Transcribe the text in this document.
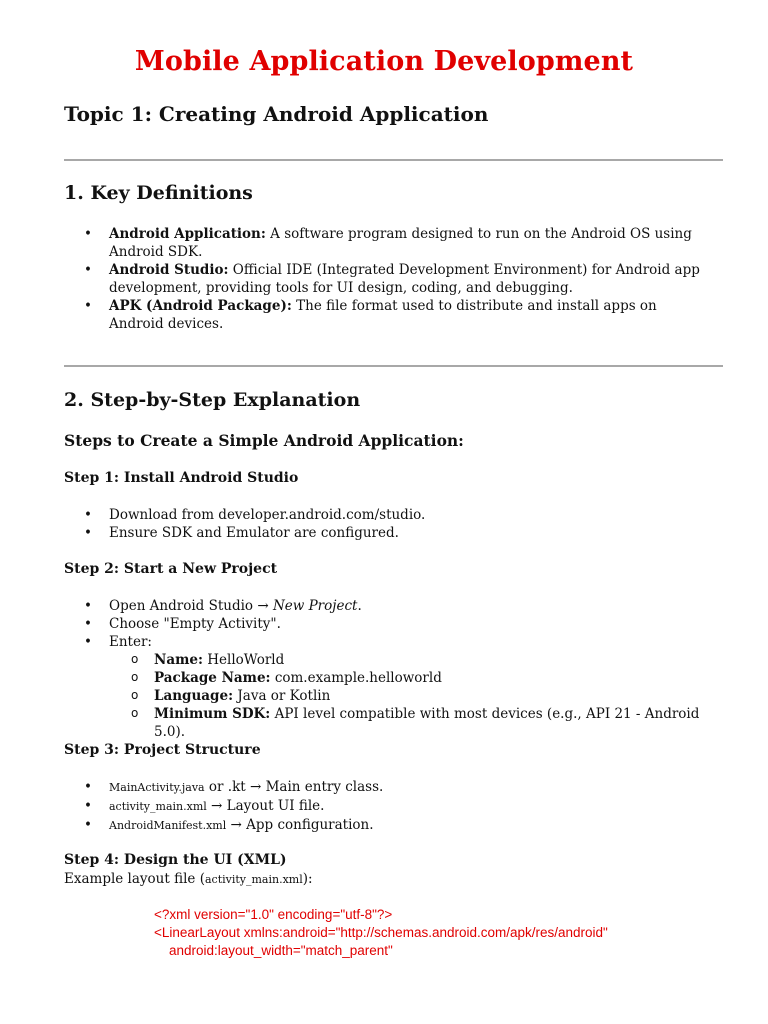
Mobile Application Development
Topic 1: Creating Android Application
1. Key Definitions
• Android Application: A software program designed to run on the Android OS using Android SDK.
• Android Studio: Official IDE (Integrated Development Environment) for Android app development, providing tools for UI design, coding, and debugging.
• APK (Android Package): The file format used to distribute and install apps on Android devices.
2. Step-by-Step Explanation
Steps to Create a Simple Android Application:
Step 1: Install Android Studio
• Download from developer.android.com/studio.
• Ensure SDK and Emulator are configured.
Step 2: Start a New Project
• Open Android Studio → New Project.
• Choose "Empty Activity".
• Enter:
o Name: HelloWorld
o Package Name: com.example.helloworld
o Language: Java or Kotlin
o Minimum SDK: API level compatible with most devices (e.g., API 21 - Android 5.0).
Step 3: Project Structure
• MainActivity.java or .kt → Main entry class.
• activity_main.xml → Layout UI file.
• AndroidManifest.xml → App configuration.
Step 4: Design the UI (XML)
Example layout file (activity_main.xml):
<?xml version="1.0" encoding="utf-8"?>
<LinearLayout xmlns:android="http://schemas.android.com/apk/res/android"
android:layout_width="match_parent"
